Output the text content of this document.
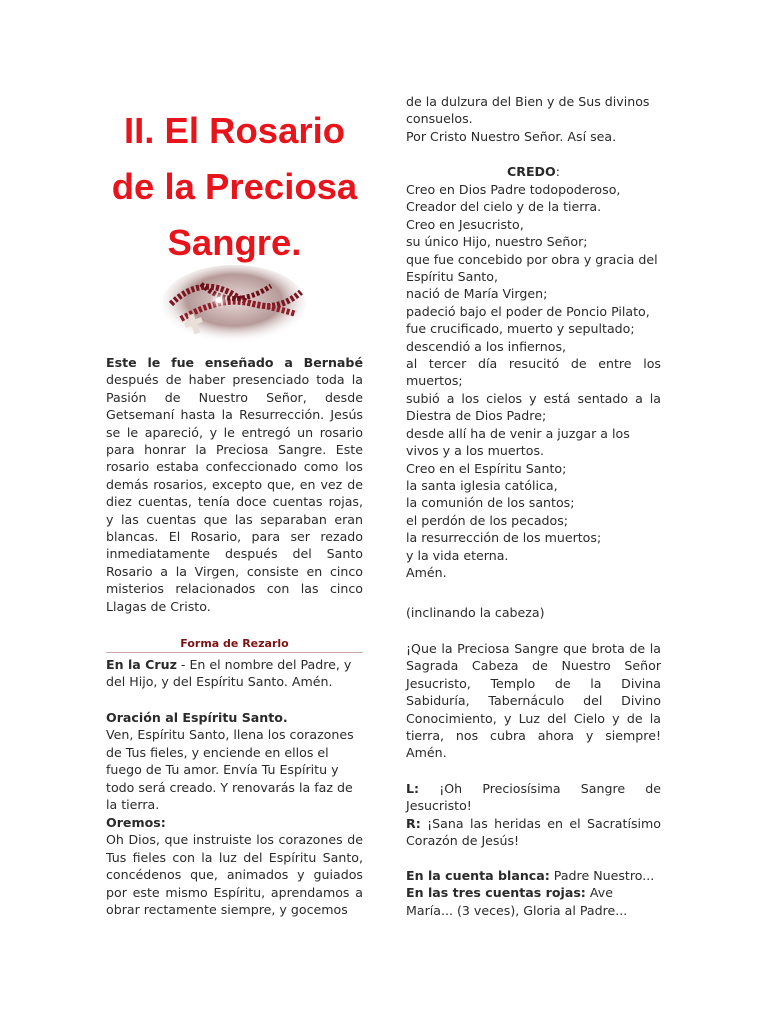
II. El Rosario
de la Preciosa
Sangre.

Este le fue enseñado a Bernabé después de haber presenciado toda la Pasión de Nuestro Señor, desde Getsemaní hasta la Resurrección. Jesús se le apareció, y le entregó un rosario para honrar la Preciosa Sangre. Este rosario estaba confeccionado como los demás rosarios, excepto que, en vez de diez cuentas, tenía doce cuentas rojas, y las cuentas que las separaban eran blancas. El Rosario, para ser rezado inmediatamente después del Santo Rosario a la Virgen, consiste en cinco misterios relacionados con las cinco Llagas de Cristo.

Forma de Rezarlo

En la Cruz - En el nombre del Padre, y del Hijo, y del Espíritu Santo. Amén.

Oración al Espíritu Santo.

Ven, Espíritu Santo, llena los corazones de Tus fieles, y enciende en ellos el fuego de Tu amor. Envía Tu Espíritu y todo será creado. Y renovarás la faz de la tierra.

Oremos:

Oh Dios, que instruiste los corazones de Tus fieles con la luz del Espíritu Santo, concédenos que, animados y guiados por este mismo Espíritu, aprendamos a obrar rectamente siempre, y gocemos

de la dulzura del Bien y de Sus divinos

consuelos.

Por Cristo Nuestro Señor. Así sea.

CREDO:

Creo en Dios Padre todopoderoso,

Creador del cielo y de la tierra.

Creo en Jesucristo,

su único Hijo, nuestro Señor;

que fue concebido por obra y gracia del Espíritu Santo,

nació de María Virgen;

padeció bajo el poder de Poncio Pilato,

fue crucificado, muerto y sepultado;

descendió a los infiernos,

al tercer día resucitó de entre los muertos;

subió a los cielos y está sentado a la Diestra de Dios Padre;

desde allí ha de venir a juzgar a los vivos y a los muertos.

Creo en el Espíritu Santo;

la santa iglesia católica,

la comunión de los santos;

el perdón de los pecados;

la resurrección de los muertos;

y la vida eterna.

Amén.

(inclinando la cabeza)

¡Que la Preciosa Sangre que brota de la Sagrada Cabeza de Nuestro Señor Jesucristo, Templo de la Divina Sabiduría, Tabernáculo del Divino Conocimiento, y Luz del Cielo y de la tierra, nos cubra ahora y siempre! Amén.

L: ¡Oh Preciosísima Sangre de Jesucristo!

R: ¡Sana las heridas en el Sacratísimo Corazón de Jesús!

En la cuenta blanca: Padre Nuestro...

En las tres cuentas rojas: Ave María... (3 veces), Gloria al Padre...
